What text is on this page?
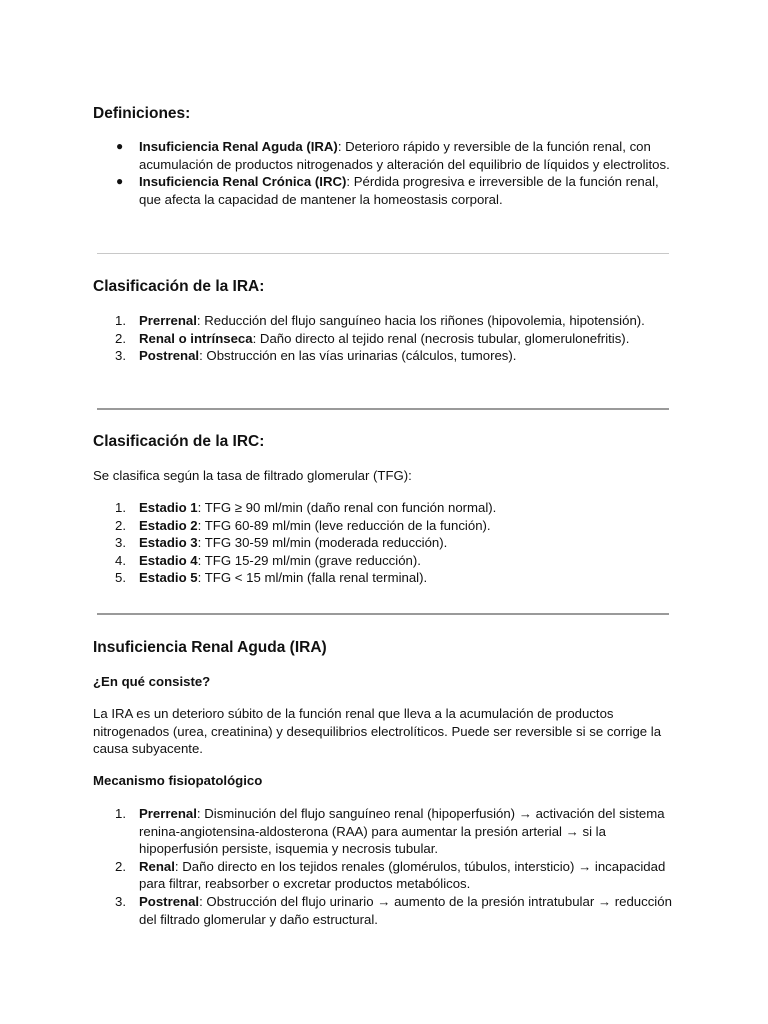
Definiciones:
●	Insuficiencia Renal Aguda (IRA): Deterioro rápido y reversible de la función renal, con acumulación de productos nitrogenados y alteración del equilibrio de líquidos y electrolitos.
●	Insuficiencia Renal Crónica (IRC): Pérdida progresiva e irreversible de la función renal, que afecta la capacidad de mantener la homeostasis corporal.
Clasificación de la IRA:
1. Prerrenal: Reducción del flujo sanguíneo hacia los riñones (hipovolemia, hipotensión).
2. Renal o intrínseca: Daño directo al tejido renal (necrosis tubular, glomerulonefritis).
3. Postrenal: Obstrucción en las vías urinarias (cálculos, tumores).
Clasificación de la IRC:

Se clasifica según la tasa de filtrado glomerular (TFG):

1. Estadio 1: TFG ≥ 90 ml/min (daño renal con función normal).
2. Estadio 2: TFG 60-89 ml/min (leve reducción de la función).
3. Estadio 3: TFG 30-59 ml/min (moderada reducción).
4. Estadio 4: TFG 15-29 ml/min (grave reducción).
5. Estadio 5: TFG < 15 ml/min (falla renal terminal).
Insuficiencia Renal Aguda (IRA)
¿En qué consiste?

La IRA es un deterioro súbito de la función renal que lleva a la acumulación de productos nitrogenados (urea, creatinina) y desequilibrios electrolíticos. Puede ser reversible si se corrige la causa subyacente.

Mecanismo fisiopatológico
1. Prerrenal: Disminución del flujo sanguíneo renal (hipoperfusión) → activación del sistema renina-angiotensina-aldosterona (RAA) para aumentar la presión arterial → si la hipoperfusión persiste, isquemia y necrosis tubular.
2. Renal: Daño directo en los tejidos renales (glomérulos, túbulos, intersticio) → incapacidad para filtrar, reabsorber o excretar productos metabólicos.
3. Postrenal: Obstrucción del flujo urinario → aumento de la presión intratubular → reducción del filtrado glomerular y daño estructural.
